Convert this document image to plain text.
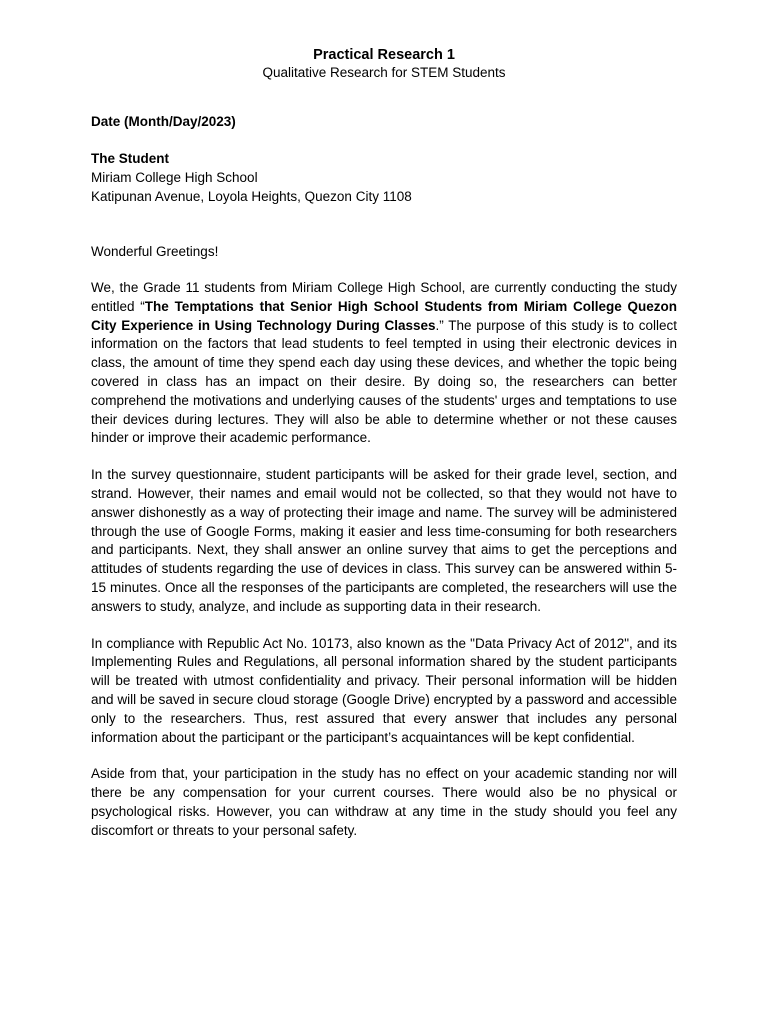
Practical Research 1
Qualitative Research for STEM Students
Date (Month/Day/2023)
The Student
Miriam College High School
Katipunan Avenue, Loyola Heights, Quezon City 1108

Wonderful Greetings!

We, the Grade 11 students from Miriam College High School, are currently conducting the study entitled “The Temptations that Senior High School Students from Miriam College Quezon City Experience in Using Technology During Classes.” The purpose of this study is to collect information on the factors that lead students to feel tempted in using their electronic devices in class, the amount of time they spend each day using these devices, and whether the topic being covered in class has an impact on their desire. By doing so, the researchers can better comprehend the motivations and underlying causes of the students' urges and temptations to use their devices during lectures. They will also be able to determine whether or not these causes hinder or improve their academic performance.

In the survey questionnaire, student participants will be asked for their grade level, section, and strand. However, their names and email would not be collected, so that they would not have to answer dishonestly as a way of protecting their image and name. The survey will be administered through the use of Google Forms, making it easier and less time-consuming for both researchers and participants. Next, they shall answer an online survey that aims to get the perceptions and attitudes of students regarding the use of devices in class. This survey can be answered within 5-15 minutes. Once all the responses of the participants are completed, the researchers will use the answers to study, analyze, and include as supporting data in their research.

In compliance with Republic Act No. 10173, also known as the "Data Privacy Act of 2012", and its Implementing Rules and Regulations, all personal information shared by the student participants will be treated with utmost confidentiality and privacy. Their personal information will be hidden and will be saved in secure cloud storage (Google Drive) encrypted by a password and accessible only to the researchers. Thus, rest assured that every answer that includes any personal information about the participant or the participant’s acquaintances will be kept confidential.

Aside from that, your participation in the study has no effect on your academic standing nor will there be any compensation for your current courses. There would also be no physical or psychological risks. However, you can withdraw at any time in the study should you feel any discomfort or threats to your personal safety.
